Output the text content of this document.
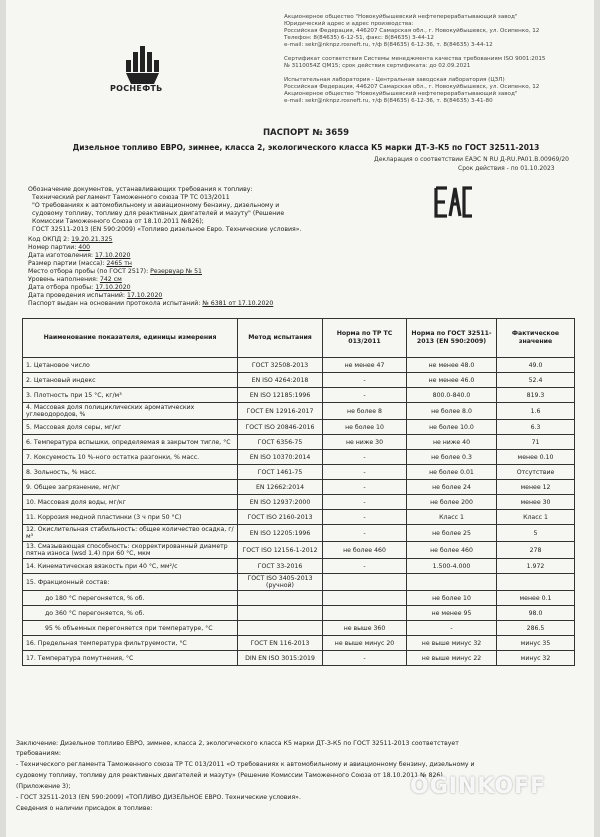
РОСНЕФТЬ
Акционерное общество "Новокуйбышевский нефтеперерабатывающий завод"
Юридический адрес и адрес производства:
Российская Федерация, 446207 Самарская обл., г. Новокуйбышевск, ул. Осипенко, 12
Телефон: 8(84635) 6-12-51, факс: 8(84635) 3-44-12
e-mail: sekr@nknpz.rosneft.ru, т/ф 8(84635) 6-12-36, т. 8(84635) 3-44-12
Сертификат соответствия Системы менеджмента качества требованиям ISO 9001:2015
№ 3110054Z QM15; срок действия сертификата: до 02.09.2021
Испытательная лаборатория - Центральная заводская лаборатория (ЦЗЛ)
Российская Федерация, 446207 Самарская обл., г. Новокуйбышевск, ул. Осипенко, 12
Акционерное общество "Новокуйбышевский нефтеперерабатывающий завод"
e-mail: sekr@nknpz.rosneft.ru, т/ф 8(84635) 6-12-36, т. 8(84635) 3-41-80
ПАСПОРТ № 3659
Дизельное топливо ЕВРО, зимнее, класса 2, экологического класса К5 марки ДТ-З-К5 по ГОСТ 32511-2013
Декларация о соответствии ЕАЭС N RU Д-RU.PA01.B.00969/20
Срок действия - по 01.10.2023
Обозначение документов, устанавливающих требования к топливу:
Технический регламент Таможенного союза ТР ТС 013/2011
"О требованиях к автомобильному и авиационному бензину, дизельному и
судовому топливу, топливу для реактивных двигателей и мазуту" (Решение
Комиссии Таможенного Союза от 18.10.2011 №826);
ГОСТ 32511-2013 (EN 590:2009) «Топливо дизельное Евро. Технические условия».
Код ОКПД 2: 19.20.21.325
Номер партии: 400
Дата изготовления: 17.10.2020
Размер партии (масса): 2465 тн
Место отбора пробы (по ГОСТ 2517): Резервуар № 51
Уровень наполнения: 742 см
Дата отбора пробы: 17.10.2020
Дата проведения испытаний: 17.10.2020
Паспорт выдан на основании протокола испытаний: № 6381 от 17.10.2020
Наименование показателя, единицы измерения	Метод испытания	Норма по ТР ТС 013/2011	Норма по ГОСТ 32511-2013 (EN 590:2009)	Фактическое значение
1. Цетановое число	ГОСТ 32508-2013	не менее 47	не менее 48.0	49.0
2. Цетановый индекс	EN ISO 4264:2018	-	не менее 46.0	52.4
3. Плотность при 15 °С, кг/м³	EN ISO 12185:1996	-	800.0-840.0	819.3
4. Массовая доля полициклических ароматических углеводородов, %	ГОСТ EN 12916-2017	не более 8	не более 8.0	1.6
5. Массовая доля серы, мг/кг	ГОСТ ISO 20846-2016	не более 10	не более 10.0	6.3
6. Температура вспышки, определяемая в закрытом тигле, °С	ГОСТ 6356-75	не ниже 30	не ниже 40	71
7. Коксуемость 10 %-ного остатка разгонки, % масс.	EN ISO 10370:2014	-	не более 0.3	менее 0.10
8. Зольность, % масс.	ГОСТ 1461-75	-	не более 0.01	Отсутствие
9. Общее загрязнение, мг/кг	EN 12662:2014	-	не более 24	менее 12
10. Массовая доля воды, мг/кг	EN ISO 12937:2000	-	не более 200	менее 30
11. Коррозия медной пластинки (3 ч при 50 °С)	ГОСТ ISO 2160-2013	-	Класс 1	Класс 1
12. Окислительная стабильность: общее количество осадка, г/м³	EN ISO 12205:1996	-	не более 25	5
13. Смазывающая способность: скорректированный диаметр пятна износа (wsd 1.4) при 60 °С, мкм	ГОСТ ISO 12156-1-2012	не более 460	не более 460	278
14. Кинематическая вязкость при 40 °С, мм²/с	ГОСТ 33-2016	-	1.500-4.000	1.972
15. Фракционный состав:	ГОСТ ISO 3405-2013 (ручной)			
до 180 °С перегоняется, % об.			не более 10	менее 0.1
до 360 °С перегоняется, % об.			не менее 95	98.0
95 % объемных перегоняется при температуре, °С		не выше 360	-	286.5
16. Предельная температура фильтруемости, °С	ГОСТ EN 116-2013	не выше минус 20	не выше минус 32	минус 35
17. Температура помутнения, °С	DIN EN ISO 3015:2019	-	не выше минус 22	минус 32
Заключение: Дизельное топливо ЕВРО, зимнее, класса 2, экологического класса К5 марки ДТ-З-К5 по ГОСТ 32511-2013 соответствует
требованиям:
- Технического регламента Таможенного союза ТР ТС 013/2011 «О требованиях к автомобильному и авиационному бензину, дизельному и
судовому топливу, топливу для реактивных двигателей и мазуту» (Решение Комиссии Таможенного Союза от 18.10.2011 № 826)
(Приложение 3);
- ГОСТ 32511-2013 (EN 590:2009) «ТОПЛИВО ДИЗЕЛЬНОЕ ЕВРО. Технические условия».
Сведения о наличии присадок в топливе:
OGINKOFF
